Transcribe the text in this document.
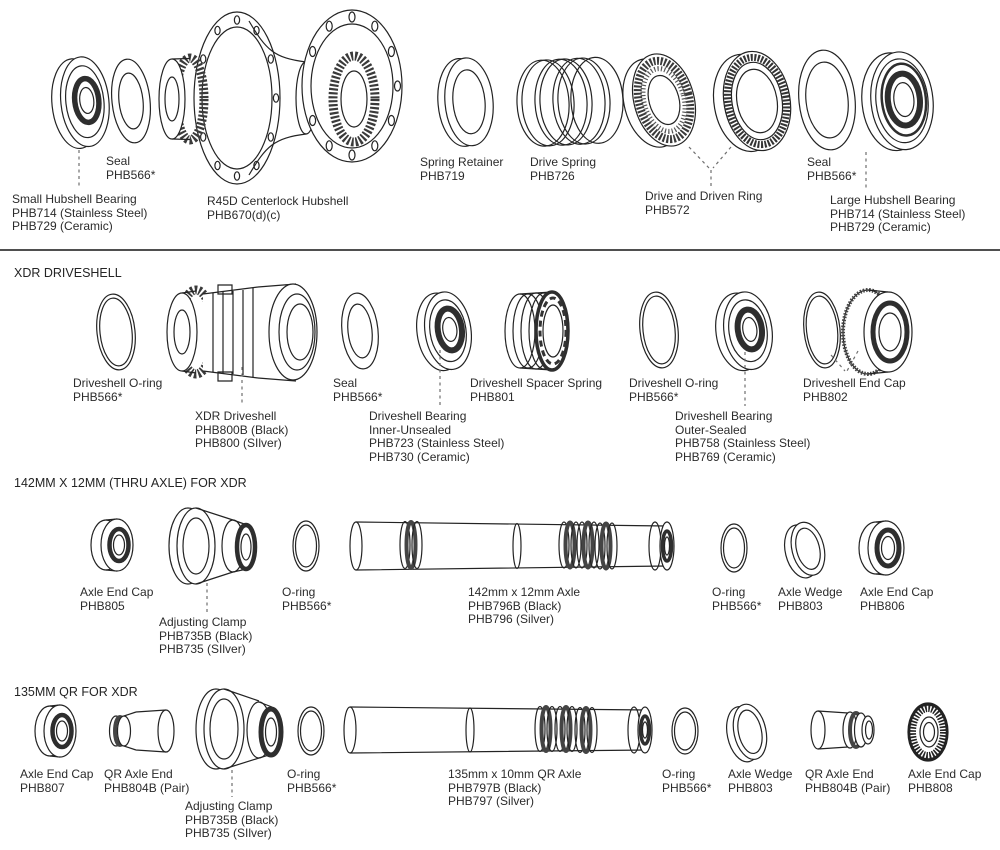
XDR DRIVESHELL
142MM X 12MM (THRU AXLE) FOR XDR
135MM QR FOR XDR
Seal
PHB566*
Small Hubshell Bearing
PHB714 (Stainless Steel)
PHB729 (Ceramic)
R45D Centerlock Hubshell
PHB670(d)(c)
Spring Retainer
PHB719
Drive Spring
PHB726
Drive and Driven Ring
PHB572
Seal
PHB566*
Large Hubshell Bearing
PHB714 (Stainless Steel)
PHB729 (Ceramic)
Driveshell O-ring
PHB566*
XDR Driveshell
PHB800B (Black)
PHB800 (SIlver)
Seal
PHB566*
Driveshell Bearing
Inner-Unsealed
PHB723 (Stainless Steel)
PHB730 (Ceramic)
Driveshell Spacer Spring
PHB801
Driveshell O-ring
PHB566*
Driveshell Bearing
Outer-Sealed
PHB758 (Stainless Steel)
PHB769 (Ceramic)
Driveshell End Cap
PHB802
Axle End Cap
PHB805
Adjusting Clamp
PHB735B (Black)
PHB735 (SIlver)
O-ring
PHB566*
142mm x 12mm Axle
PHB796B (Black)
PHB796 (Silver)
O-ring
PHB566*
Axle Wedge
PHB803
Axle End Cap
PHB806
Axle End Cap
PHB807
QR Axle End
PHB804B (Pair)
Adjusting Clamp
PHB735B (Black)
PHB735 (SIlver)
O-ring
PHB566*
135mm x 10mm QR Axle
PHB797B (Black)
PHB797 (Silver)
O-ring
PHB566*
Axle Wedge
PHB803
QR Axle End
PHB804B (Pair)
Axle End Cap
PHB808
